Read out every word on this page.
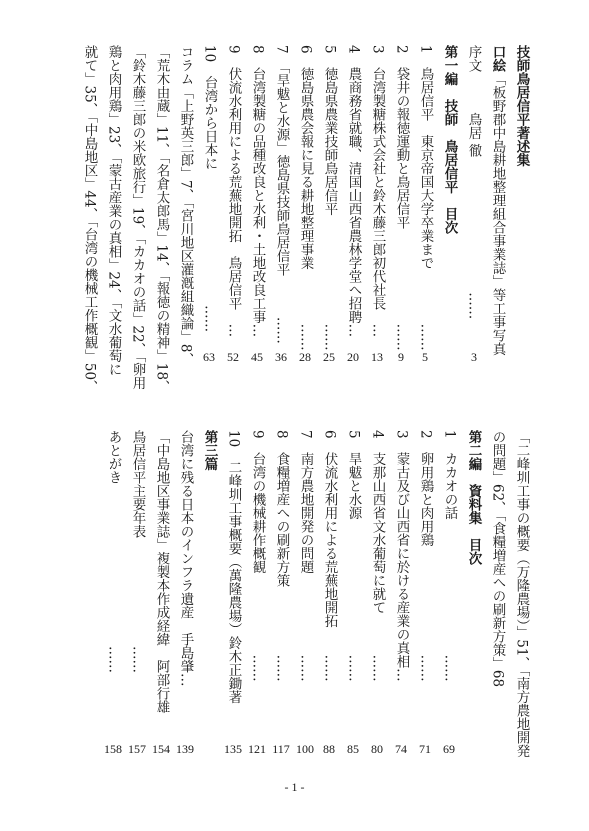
技師鳥居信平著述集
口絵「板野郡中島耕地整理組合事業誌」等工事写真
序文　　　鳥居 徹　　　　　　　　　　……
3
第一編　技師　鳥居信平　目次
1　鳥居信平　東京帝国大学卒業まで　　　　……
5
2　袋井の報徳運動と鳥居信平　　　　　　　……
9
3　台湾製糖株式会社と鈴木藤三郎初代社長　…
13
4　農商務省就職、清国山西省農林学堂へ招聘…
20
5　徳島県農業技師鳥居信平　　　　　　　　……
25
6　徳島県農会報に見る耕地整理事業　　　　……
28
7　「旱魃と水源」徳島県技師鳥居信平　　　……
36
8　台湾製糖の品種改良と水利・土地改良工事…
45
9　伏流水利用による荒蕪地開拓　鳥居信平　…
52
10　台湾から日本に　　　　　　　　　　……
63
コラム「上野英三郎」7、「宮川地区灌漑組織論」8、
「荒木由蔵」11、「名倉太郎馬」14、「報徳の精神」18、
「鈴木藤三郎の米欧旅行」19、「カカオの話」22、「卵用
鶏と肉用鶏」23、「蒙古産業の真相」24、「文水葡萄に
就て」35、「中島地区」44、「台湾の機械工作概観」50、
「二峰圳工事の概要（万隆農場）」51、「南方農地開発
の問題」62、「食糧増産への刷新方策」68
第二編　資料集　目次
1　カカオの話　　　　　　　　　　……
69
2　卵用鶏と肉用鶏　　　　　　　　……
71
3　蒙古及び山西省に於ける産業の真相…
74
4　支那山西省文水葡萄に就て　　　……
80
5　旱魃と水源　　　　　　　　　　……
85
6　伏流水利用による荒蕪地開拓　　……
88
7　南方農地開発の問題　　　　　　……
100
8　食糧増産への刷新方策　　　　　……
117
9　台湾の機械耕作概観　　　　　　……
121
10　二峰圳工事概要（萬隆農場）鈴木正鋤著
135
第三篇
台湾に残る日本のインフラ遺産　手島肇…
139
「中島地区事業誌」複製本作成経緯　阿部行雄
154
鳥居信平主要年表　　　　　　　　……
157
あとがき　　　　　　　　　　　　……
158
- 1 -
